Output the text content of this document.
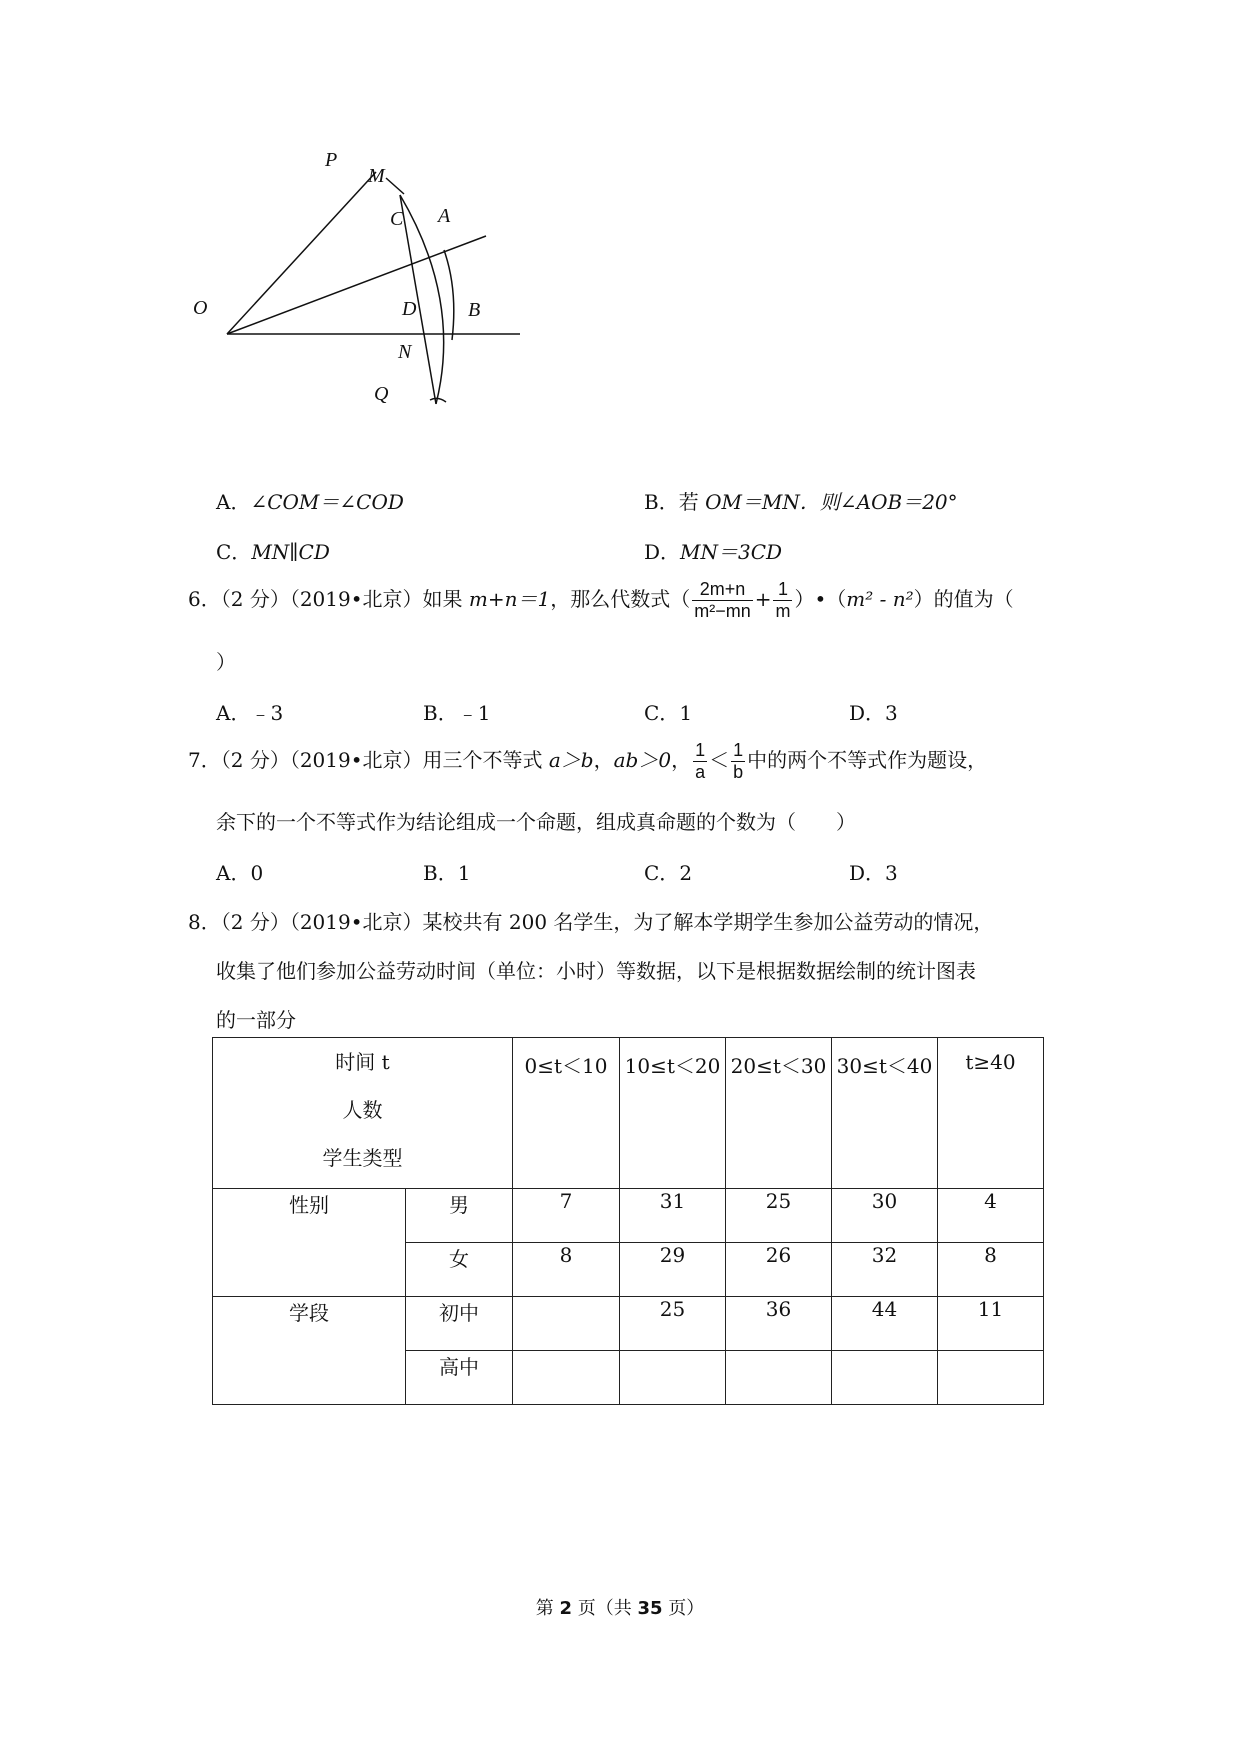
P
M
C A
O	D	B
N
Q
A．∠COM＝∠COD	B．若 OM＝MN．则∠AOB＝20°
C．MN∥CD	D．MN＝3CD
6．（2 分）（2019•北京）如果 m+n＝1，那么代数式（ $\frac{2m+n}{\text{m²−mn}} + \frac{1}{m}$ ）•（m² - n²）的值为（
）
A．﹣3	B．﹣1	C．1	D．3
7．（2 分）（2019•北京）用三个不等式 a＞b，ab＞0， $\frac{1}{a} < \frac{1}{b}$ 中的两个不等式作为题设，
余下的一个不等式作为结论组成一个命题，组成真命题的个数为（　　）
A．0	B．1	C．2	D．3
8．（2 分）（2019•北京）某校共有 200 名学生，为了解本学期学生参加公益劳动的情况，
收集了他们参加公益劳动时间（单位：小时）等数据，以下是根据数据绘制的统计图表
的一部分
时间 t
人数
学生类型		0≤t＜10	10≤t＜20	20≤t＜30	30≤t＜40	t≥40
性别	男	7	31	25	30	4
	女	8	29	26	32	8
学段	初中		25	36	44	11
	高中					
第 2 页（共 35 页）
